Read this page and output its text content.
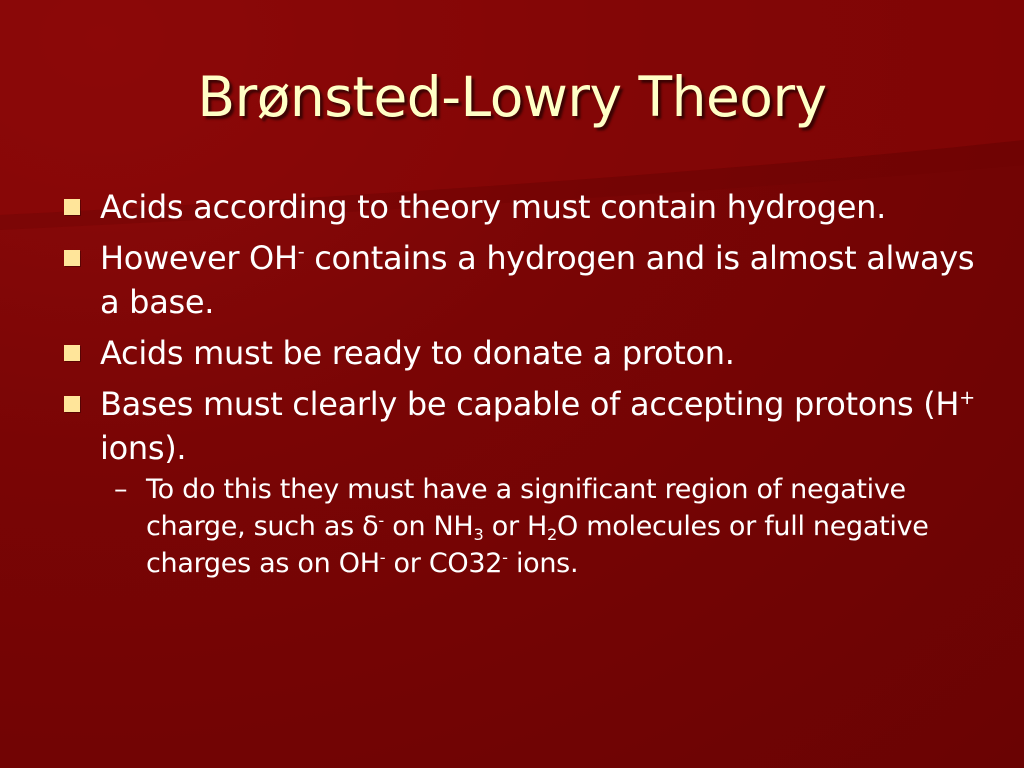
Brønsted-Lowry Theory
Acids according to theory must contain hydrogen.
However OH- contains a hydrogen and is almost always a base.
Acids must be ready to donate a proton.
Bases must clearly be capable of accepting protons (H+ ions).
– To do this they must have a significant region of negative charge, such as δ- on $NH_3$ or $H_2O$ molecules or full negative charges as on OH- or CO32- ions.
